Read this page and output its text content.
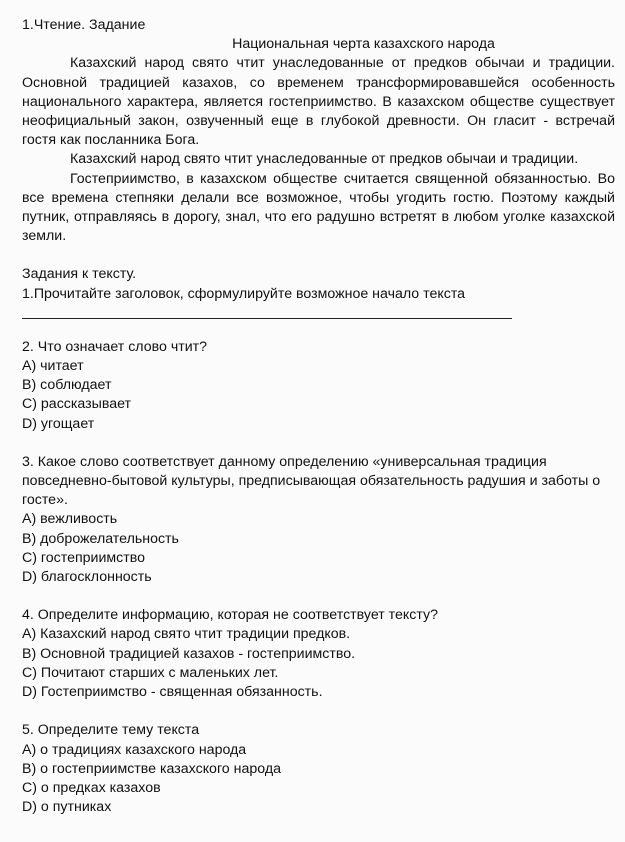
1.Чтение. Задание
Национальная черта казахского народа

Казахский народ свято чтит унаследованные от предков обычаи и традиции. Основной традицией казахов, со временем трансформировавшейся особенность национального характера, является гостеприимство. В казахском обществе существует неофициальный закон, озвученный еще в глубокой древности. Он гласит - встречай гостя как посланника Бога.

Казахский народ свято чтит унаследованные от предков обычаи и традиции.

Гостеприимство, в казахском обществе считается священной обязанностью. Во все времена степняки делали все возможное, чтобы угодить гостю. Поэтому каждый путник, отправляясь в дорогу, знал, что его радушно встретят в любом уголке казахской земли.

Задания к тексту.
1.Прочитайте заголовок, сформулируйте возможное начало текста
2. Что означает слово чтит?
A) читает
B) соблюдает
C) рассказывает
D) угощает
3. Какое слово соответствует данному определению «универсальная традиция повседневно-бытовой культуры, предписывающая обязательность радушия и заботы о госте».
A) вежливость
B) доброжелательность
C) гостеприимство
D) благосклонность
4. Определите информацию, которая не соответствует тексту?
A) Казахский народ свято чтит традиции предков.
B) Основной традицией казахов - гостеприимство.
C) Почитают старших с маленьких лет.
D) Гостеприимство - священная обязанность.
5. Определите тему текста
A) о традициях казахского народа
B) о гостеприимстве казахского народа
C) о предках казахов
D) о путниках
